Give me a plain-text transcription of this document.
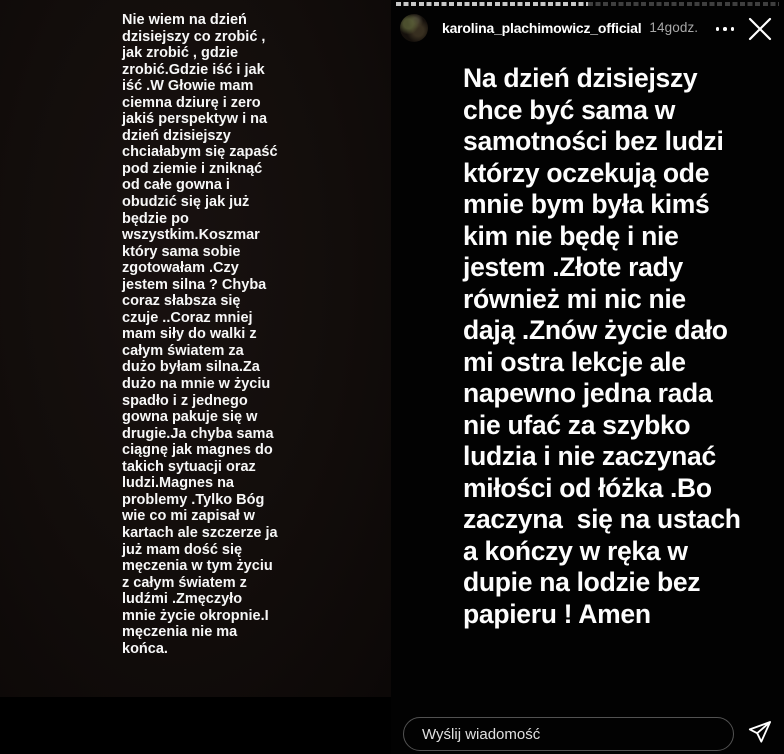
Nie wiem na dzień
dzisiejszy co zrobić ,
jak zrobić , gdzie
zrobić.Gdzie iść i jak
iść .W Głowie mam
ciemna dziurę i zero
jakiś perspektyw i na
dzień dzisiejszy
chciałabym się zapaść
pod ziemie i zniknąć
od całe gowna i
obudzić się jak już
będzie po
wszystkim.Koszmar
który sama sobie
zgotowałam .Czy
jestem silna ? Chyba
coraz słabsza się
czuje ..Coraz mniej
mam siły do walki z
całym światem za
dużo byłam silna.Za
dużo na mnie w życiu
spadło i z jednego
gowna pakuje się w
drugie.Ja chyba sama
ciągnę jak magnes do
takich sytuacji oraz
ludzi.Magnes na
problemy .Tylko Bóg
wie co mi zapisał w
kartach ale szczerze ja
już mam dość się
męczenia w tym życiu
z całym światem z
ludźmi .Zmęczyło
mnie życie okropnie.I
męczenia nie ma
końca.
karolina_plachimowicz_official 14godz.
Na dzień dzisiejszy
chce być sama w
samotności bez ludzi
którzy oczekują ode
mnie bym była kimś
kim nie będę i nie
jestem .Złote rady
również mi nic nie
dają .Znów życie dało
mi ostra lekcje ale
napewno jedna rada
nie ufać za szybko
ludzia i nie zaczynać
miłości od łóżka .Bo
zaczyna  się na ustach
a kończy w ręka w
dupie na lodzie bez
papieru ! Amen
Wyślij wiadomość
